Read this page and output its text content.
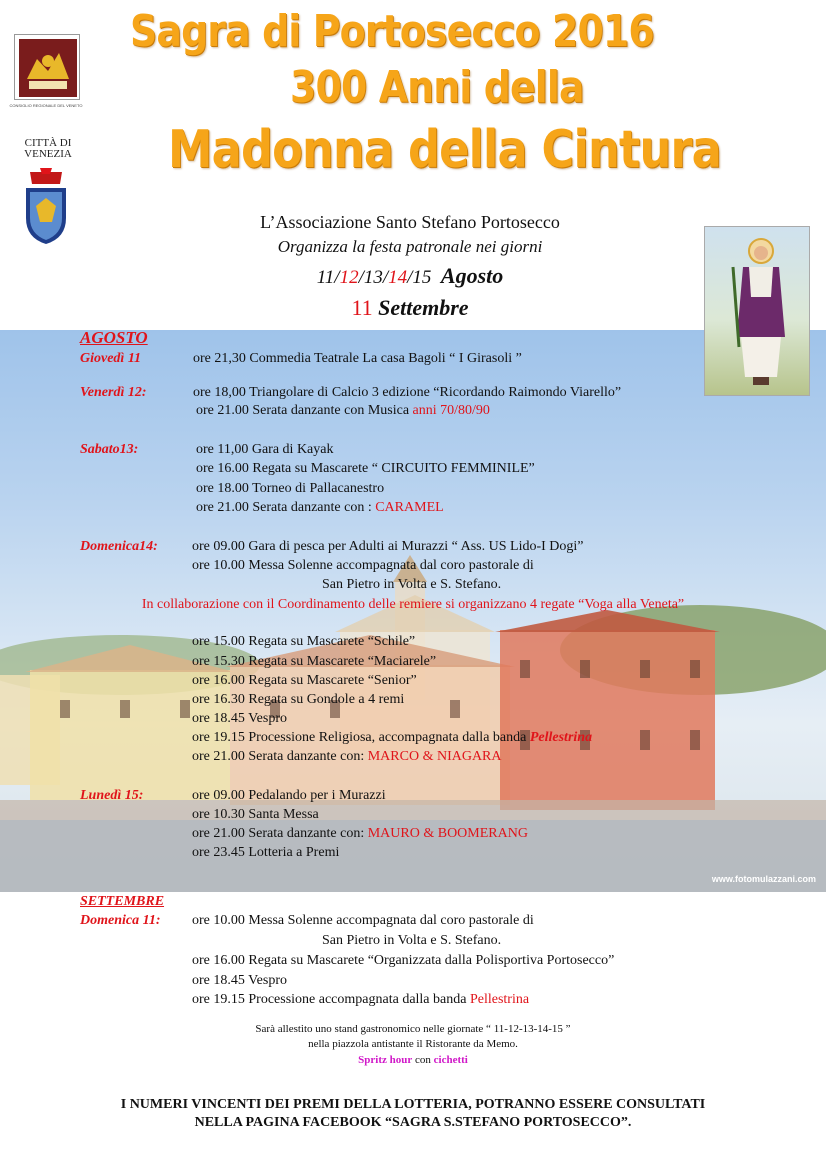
www.fotomulazzani.com
Sagra di Portosecco 2016
300 Anni della
Madonna della Cintura
CONSIGLIO REGIONALE DEL VENETO
CITTÀ DI
VENEZIA
L’Associazione Santo Stefano Portosecco
Organizza la festa patronale nei giorni
11/12/13/14/15 Agosto
11 Settembre
AGOSTO
Giovedì 11	ore 21,30 Commedia Teatrale La casa Bagoli “ I Girasoli ”
Venerdì 12:	ore 18,00 Triangolare di Calcio 3 edizione “Ricordando Raimondo Viarello”
ore 21.00 Serata danzante con Musica anni 70/80/90
Sabato13:	ore 11,00 Gara di Kayak
ore 16.00 Regata su Mascarete “ CIRCUITO FEMMINILE”
ore 18.00 Torneo di Pallacanestro
ore 21.00 Serata danzante con : CARAMEL
Domenica14: ore 09.00 Gara di pesca per Adulti ai Murazzi “ Ass. US Lido-I Dogi”
ore 10.00 Messa Solenne accompagnata dal coro pastorale di
San Pietro in Volta e S. Stefano.
In collaborazione con il Coordinamento delle remiere si organizzano 4 regate “Voga alla Veneta”
ore 15.00 Regata su Mascarete “Schile”
ore 15.30 Regata su Mascarete “Maciarele”
ore 16.00 Regata su Mascarete “Senior”
ore 16.30 Regata su Gondole a 4 remi
ore 18.45 Vespro
ore 19.15 Processione Religiosa, accompagnata dalla banda Pellestrina
ore 21.00 Serata danzante con: MARCO & NIAGARA
Lunedì 15:	ore 09.00 Pedalando per i Murazzi
ore 10.30 Santa Messa
ore 21.00 Serata danzante con: MAURO & BOOMERANG
ore 23.45 Lotteria a Premi
SETTEMBRE
Domenica 11: ore 10.00 Messa Solenne accompagnata dal coro pastorale di
San Pietro in Volta e S. Stefano.
ore 16.00 Regata su Mascarete “Organizzata dalla Polisportiva Portosecco”
ore 18.45 Vespro
ore 19.15 Processione accompagnata dalla banda Pellestrina
Sarà allestito uno stand gastronomico nelle giornate “ 11-12-13-14-15 ”
nella piazzola antistante il Ristorante da Memo.
Spritz hour con cichetti
I NUMERI VINCENTI DEI PREMI DELLA LOTTERIA, POTRANNO ESSERE CONSULTATI
NELLA PAGINA FACEBOOK “SAGRA S.STEFANO PORTOSECCO”.
